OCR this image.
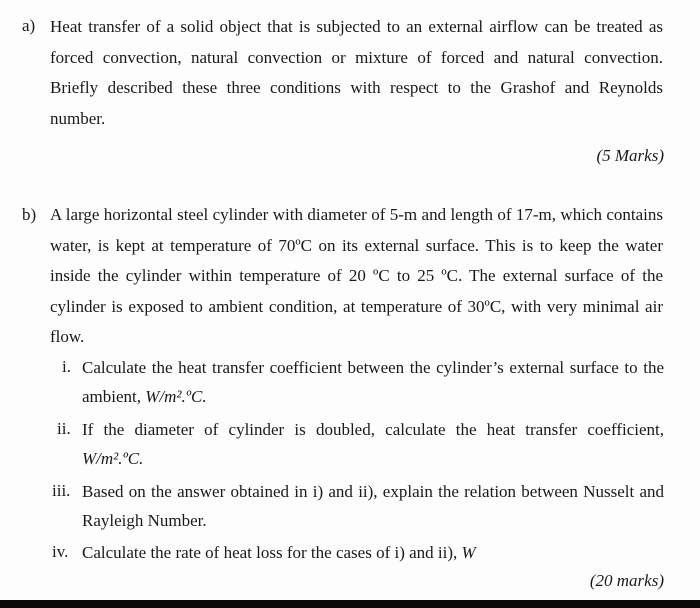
a) Heat transfer of a solid object that is subjected to an external airflow can be treated as forced convection, natural convection or mixture of forced and natural convection. Briefly described these three conditions with respect to the Grashof and Reynolds number.
(5 Marks)
b) A large horizontal steel cylinder with diameter of 5-m and length of 17-m, which contains water, is kept at temperature of 70ºC on its external surface. This is to keep the water inside the cylinder within temperature of 20 ºC to 25 ºC. The external surface of the cylinder is exposed to ambient condition, at temperature of 30ºC, with very minimal air flow.
i. Calculate the heat transfer coefficient between the cylinder’s external surface to the ambient, W/m².ºC.
ii. If the diameter of cylinder is doubled, calculate the heat transfer coefficient, W/m².ºC.
iii. Based on the answer obtained in i) and ii), explain the relation between Nusselt and Rayleigh Number.
iv. Calculate the rate of heat loss for the cases of i) and ii), W
(20 marks)
